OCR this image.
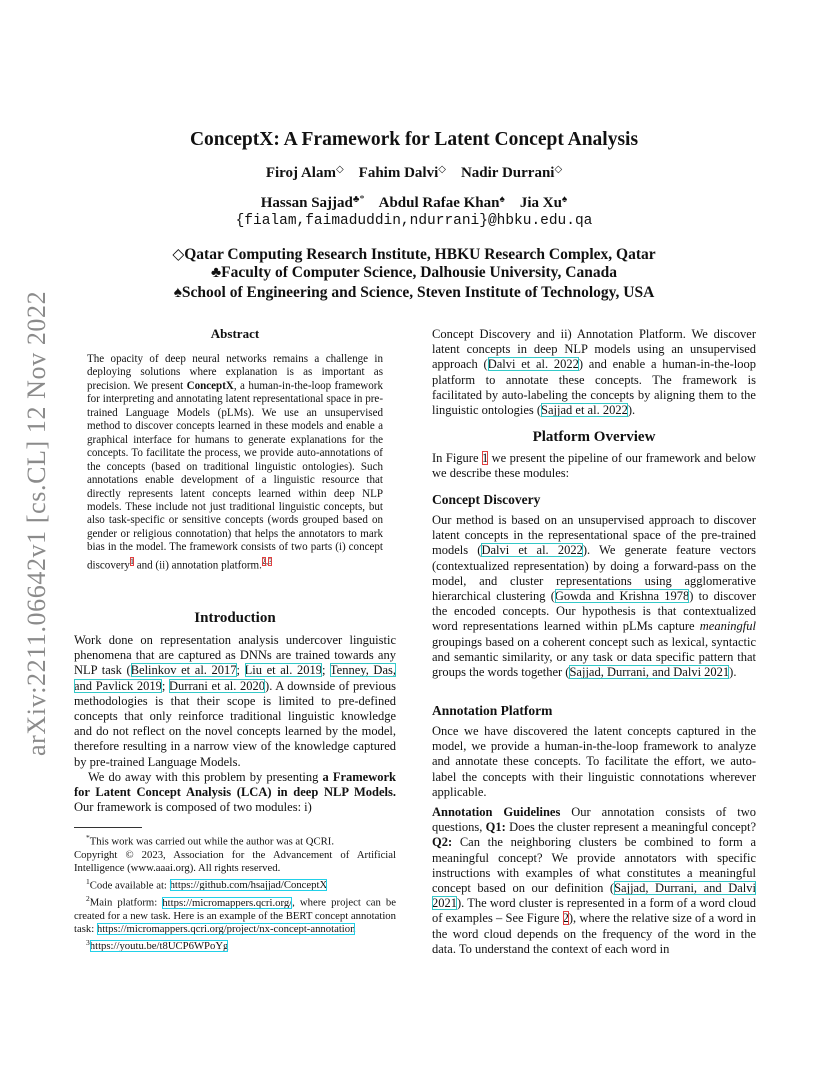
arXiv:2211.06642v1 [cs.CL] 12 Nov 2022
ConceptX: A Framework for Latent Concept Analysis
Firoj Alam◇ Fahim Dalvi◇ Nadir Durrani◇
Hassan Sajjad♣* Abdul Rafae Khan♠ Jia Xu♠
{fialam,faimaduddin,ndurrani}@hbku.edu.qa
◇Qatar Computing Research Institute, HBKU Research Complex, Qatar
♣Faculty of Computer Science, Dalhousie University, Canada
♠School of Engineering and Science, Steven Institute of Technology, USA
Abstract
The opacity of deep neural networks remains a challenge in deploying solutions where explanation is as important as precision. We present ConceptX, a human-in-the-loop framework for interpreting and annotating latent representational space in pre-trained Language Models (pLMs). We use an unsupervised method to discover concepts learned in these models and enable a graphical interface for humans to generate explanations for the concepts. To facilitate the process, we provide auto-annotations of the concepts (based on traditional linguistic ontologies). Such annotations enable development of a linguistic resource that directly represents latent concepts learned within deep NLP models. These include not just traditional linguistic concepts, but also task-specific or sensitive concepts (words grouped based on gender or religious connotation) that helps the annotators to mark bias in the model. The framework consists of two parts (i) concept discovery$^1$ and (ii) annotation platform.$^{2,3}$
Introduction

Work done on representation analysis undercover linguistic phenomena that are captured as DNNs are trained towards any NLP task (Belinkov et al. 2017; Liu et al. 2019; Tenney, Das, and Pavlick 2019; Durrani et al. 2020). A downside of previous methodologies is that their scope is limited to pre-defined concepts that only reinforce traditional linguistic knowledge and do not reflect on the novel concepts learned by the model, therefore resulting in a narrow view of the knowledge captured by pre-trained Language Models.

We do away with this problem by presenting a Framework for Latent Concept Analysis (LCA) in deep NLP Models. Our framework is composed of two modules: i)

*This work was carried out while the author was at QCRI.
Copyright © 2023, Association for the Advancement of Artificial Intelligence (www.aaai.org). All rights reserved.
$^1$Code available at: https://github.com/hsajjad/ConceptX
$^2$Main platform: https://micromappers.qcri.org/, where project can be created for a new task. Here is an example of the BERT concept annotation task: https://micromappers.qcri.org/project/nx-concept-annotation
$^3$https://youtu.be/t8UCP6WPoYg

Concept Discovery and ii) Annotation Platform. We discover latent concepts in deep NLP models using an unsupervised approach (Dalvi et al. 2022) and enable a human-in-the-loop platform to annotate these concepts. The framework is facilitated by auto-labeling the concepts by aligning them to the linguistic ontologies (Sajjad et al. 2022).

Platform Overview

In Figure 1 we present the pipeline of our framework and below we describe these modules:

Concept Discovery

Our method is based on an unsupervised approach to discover latent concepts in the representational space of the pre-trained models (Dalvi et al. 2022). We generate feature vectors (contextualized representation) by doing a forward-pass on the model, and cluster representations using agglomerative hierarchical clustering (Gowda and Krishna 1978) to discover the encoded concepts. Our hypothesis is that contextualized word representations learned within pLMs capture meaningful groupings based on a coherent concept such as lexical, syntactic and semantic similarity, or any task or data specific pattern that groups the words together (Sajjad, Durrani, and Dalvi 2021).

Annotation Platform

Once we have discovered the latent concepts captured in the model, we provide a human-in-the-loop framework to analyze and annotate these concepts. To facilitate the effort, we auto-label the concepts with their linguistic connotations wherever applicable.

Annotation Guidelines Our annotation consists of two questions, Q1: Does the cluster represent a meaningful concept? Q2: Can the neighboring clusters be combined to form a meaningful concept? We provide annotators with specific instructions with examples of what constitutes a meaningful concept based on our definition (Sajjad, Durrani, and Dalvi 2021). The word cluster is represented in a form of a word cloud of examples – See Figure 2), where the relative size of a word in the word cloud depends on the frequency of the word in the data. To understand the context of each word in
